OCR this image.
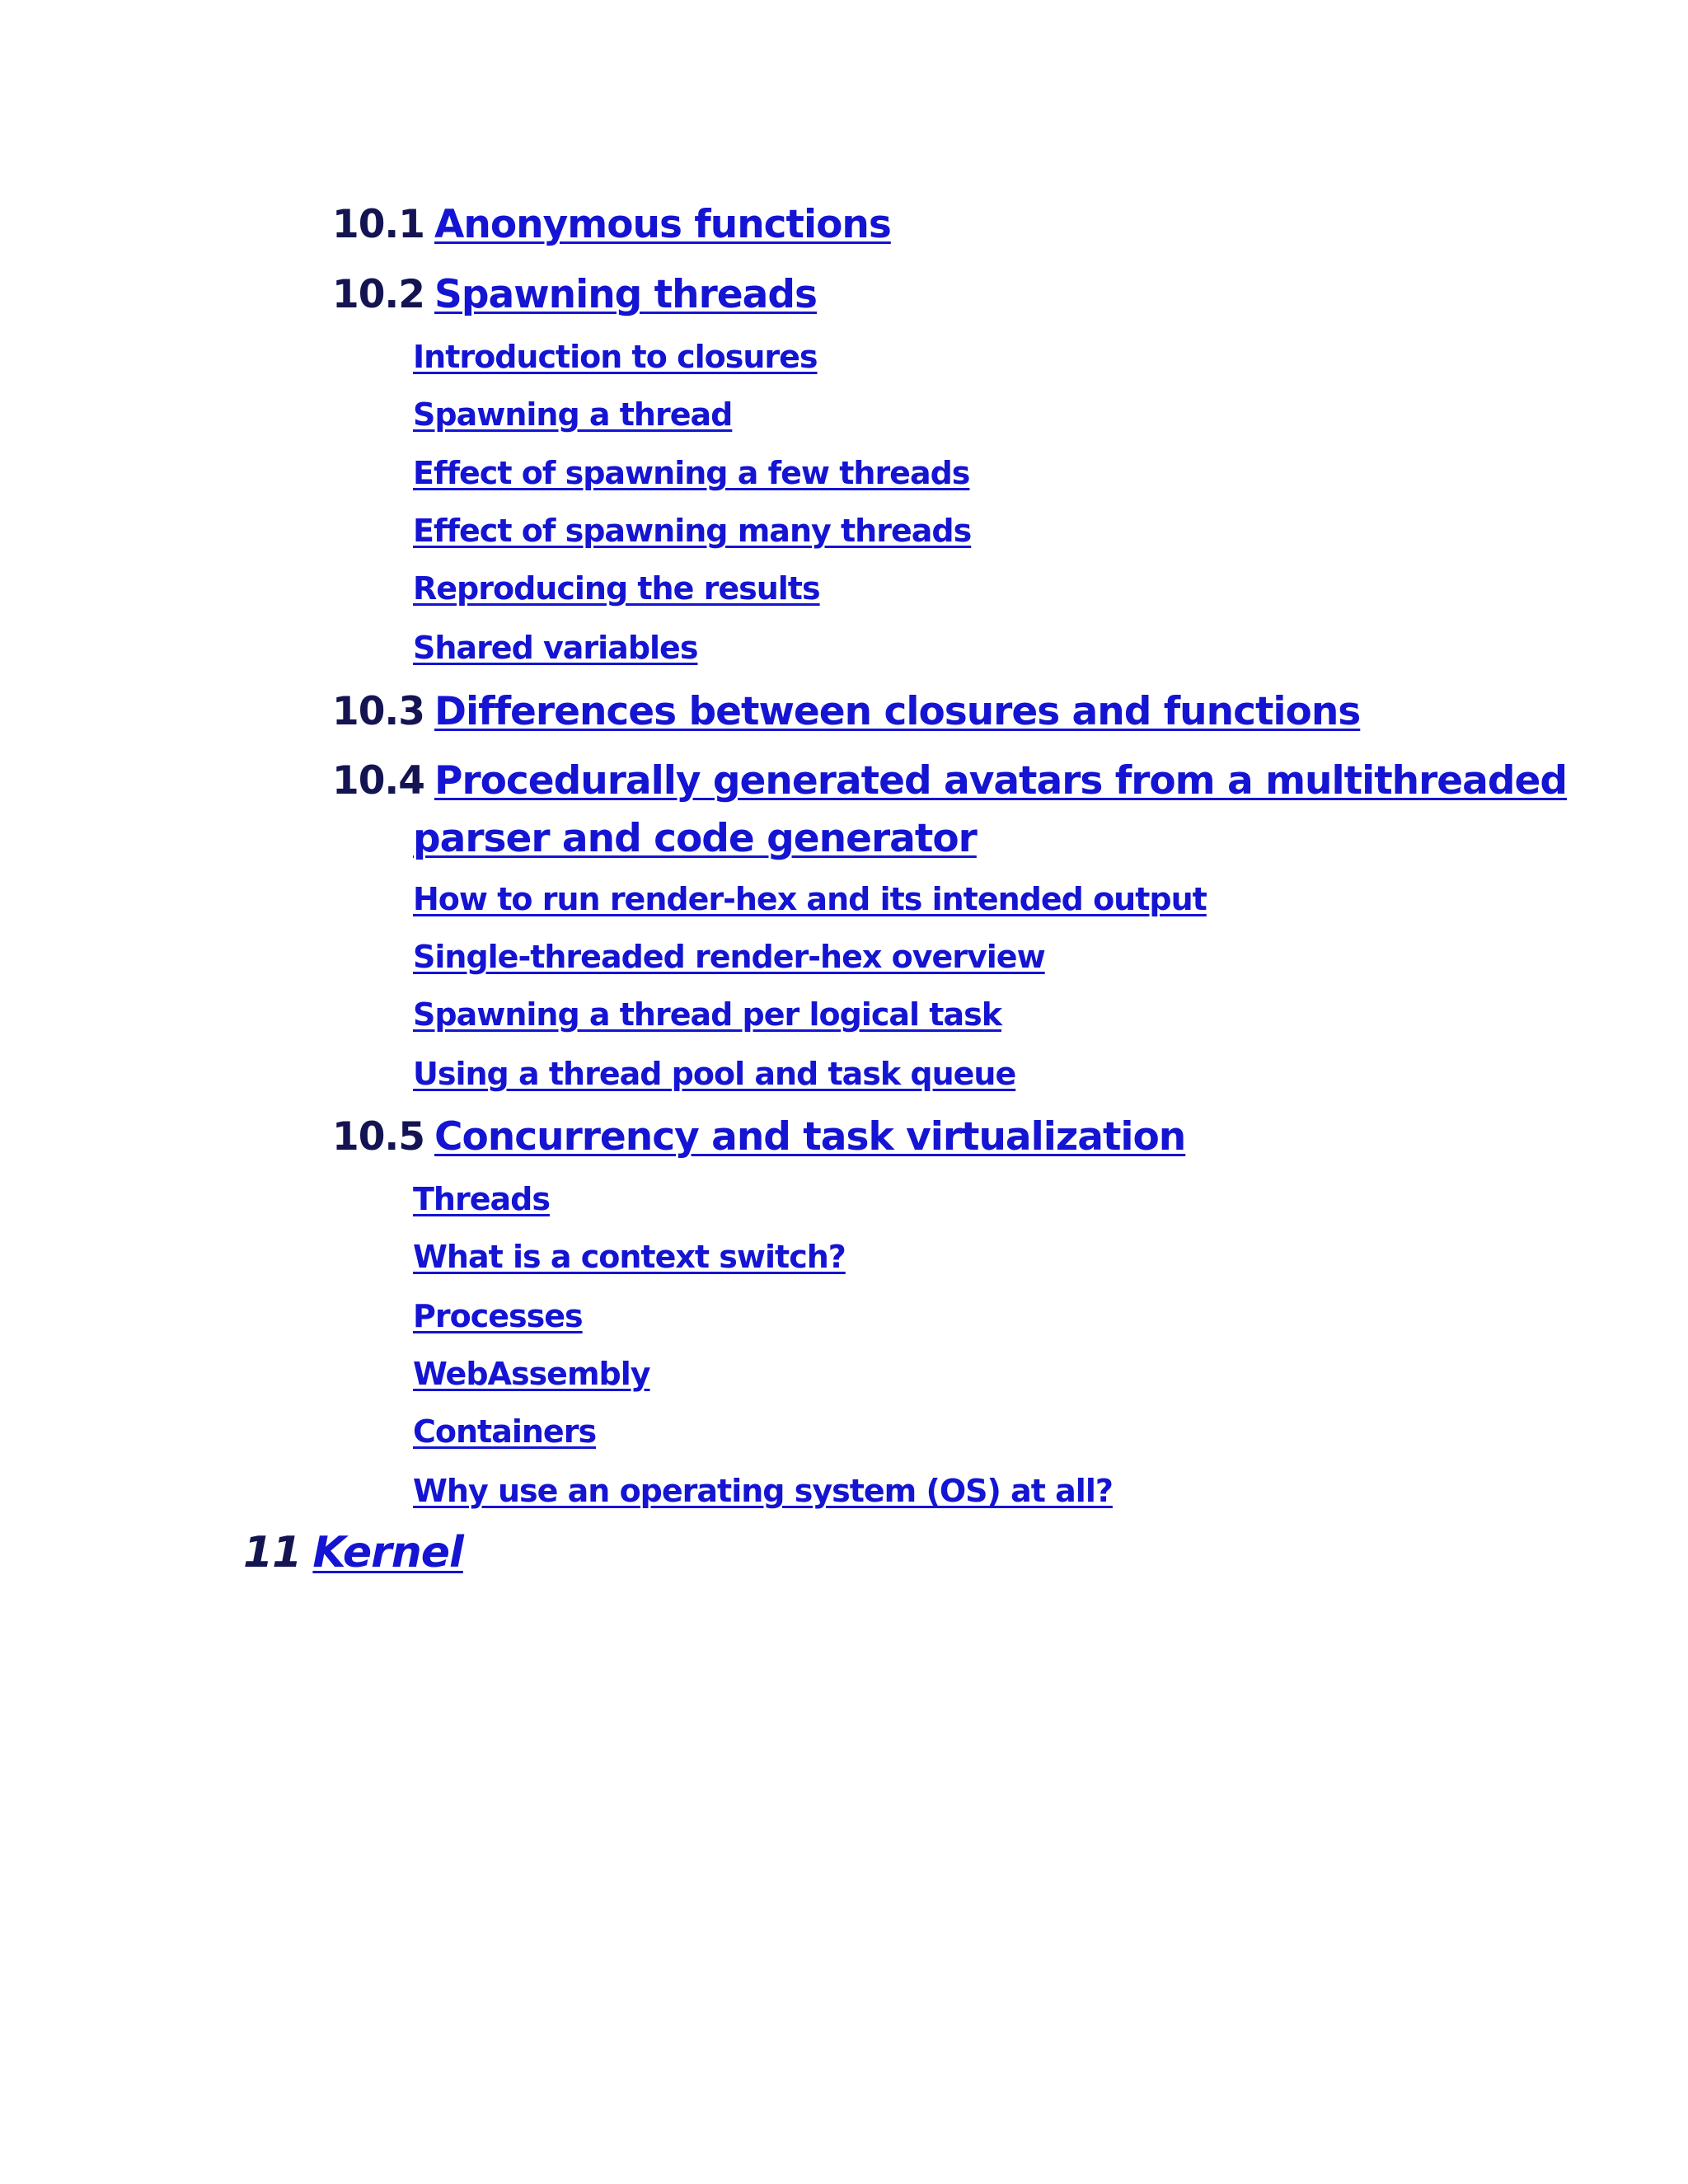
10.1 Anonymous functions
10.2 Spawning threads
Introduction to closures
Spawning a thread
Effect of spawning a few threads
Effect of spawning many threads
Reproducing the results
Shared variables
10.3 Differences between closures and functions
10.4 Procedurally generated avatars from a multithreaded
parser and code generator
How to run render-hex and its intended output
Single-threaded render-hex overview
Spawning a thread per logical task
Using a thread pool and task queue
10.5 Concurrency and task virtualization
Threads
What is a context switch?
Processes
WebAssembly
Containers
Why use an operating system (OS) at all?
11 Kernel
